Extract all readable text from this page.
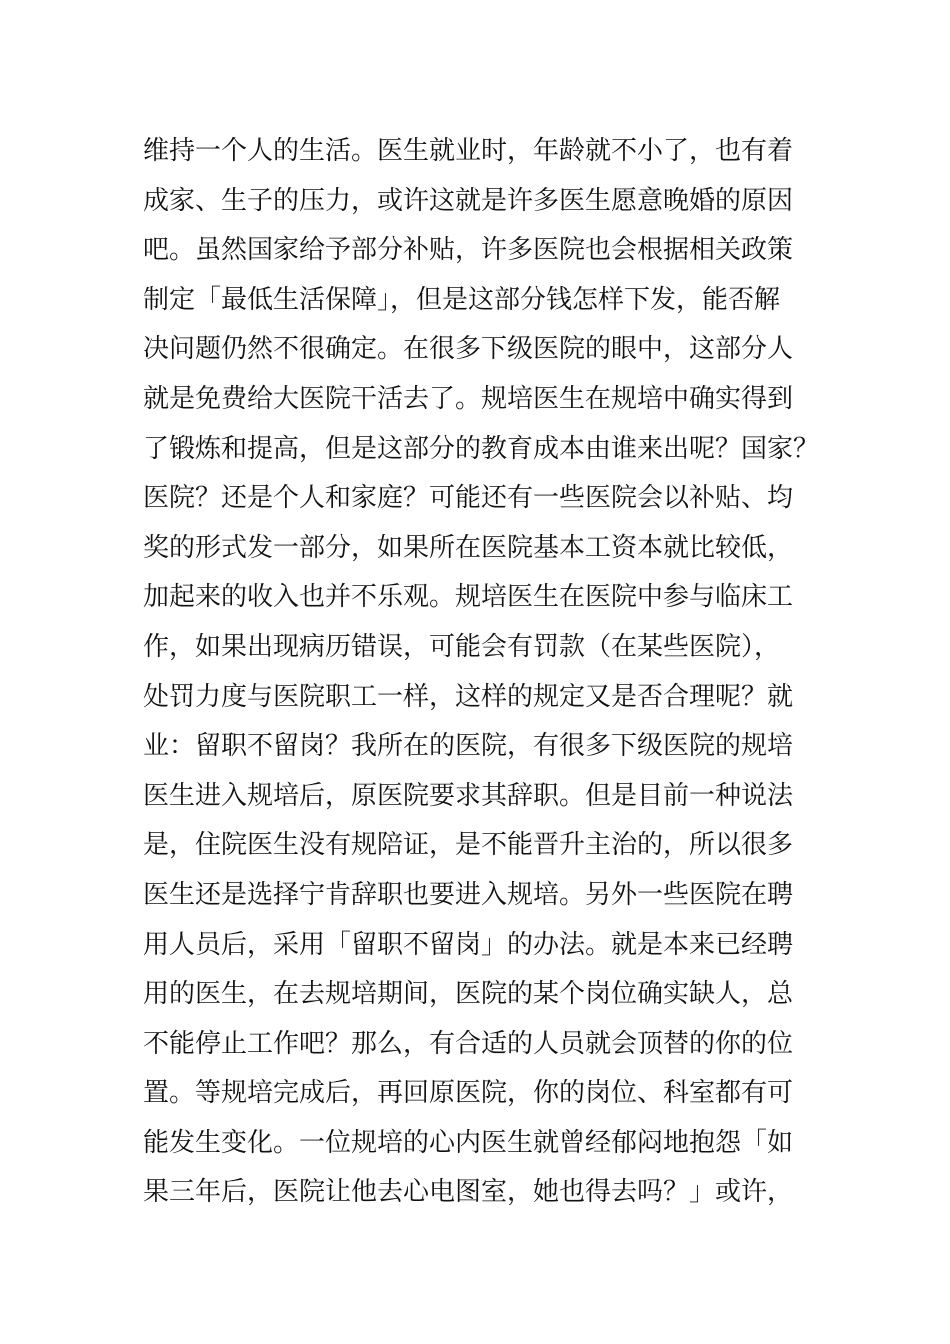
维持一个人的生活。医生就业时，年龄就不小了，也有着
成家、生子的压力，或许这就是许多医生愿意晚婚的原因
吧。虽然国家给予部分补贴，许多医院也会根据相关政策
制定「最低生活保障」，但是这部分钱怎样下发，能否解
决问题仍然不很确定。在很多下级医院的眼中，这部分人
就是免费给大医院干活去了。规培医生在规培中确实得到
了锻炼和提高，但是这部分的教育成本由谁来出呢？国家？
医院？还是个人和家庭？可能还有一些医院会以补贴、均
奖的形式发一部分，如果所在医院基本工资本就比较低，
加起来的收入也并不乐观。规培医生在医院中参与临床工
作，如果出现病历错误，可能会有罚款（在某些医院），
处罚力度与医院职工一样，这样的规定又是否合理呢？就
业：留职不留岗？我所在的医院，有很多下级医院的规培
医生进入规培后，原医院要求其辞职。但是目前一种说法
是，住院医生没有规陪证，是不能晋升主治的，所以很多
医生还是选择宁肯辞职也要进入规培。另外一些医院在聘
用人员后，采用「留职不留岗」的办法。就是本来已经聘
用的医生，在去规培期间，医院的某个岗位确实缺人，总
不能停止工作吧？那么，有合适的人员就会顶替的你的位
置。等规培完成后，再回原医院，你的岗位、科室都有可
能发生变化。一位规培的心内医生就曾经郁闷地抱怨「如
果三年后，医院让他去心电图室，她也得去吗？」或许，
